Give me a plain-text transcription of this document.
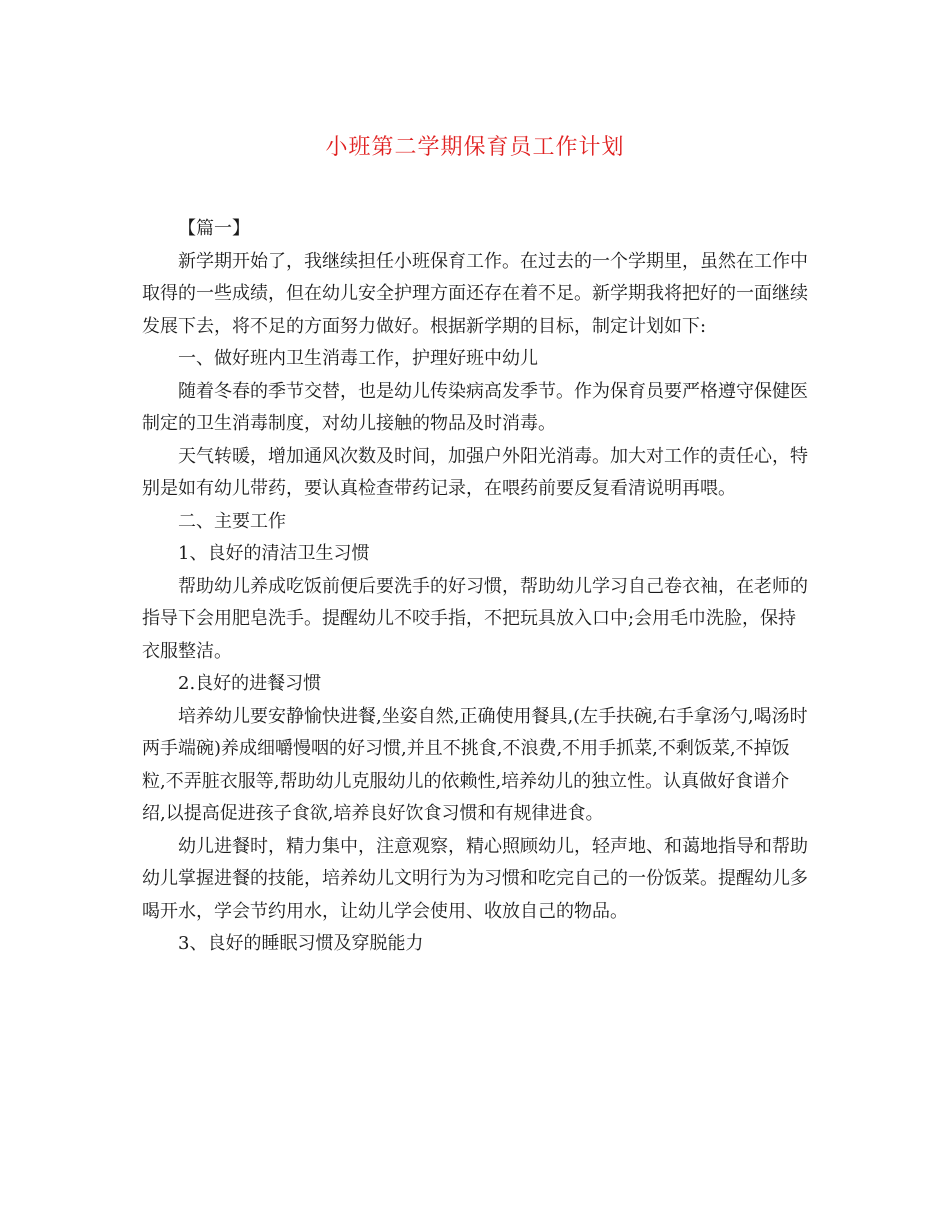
小班第二学期保育员工作计划

【篇一】

新学期开始了，我继续担任小班保育工作。在过去的一个学期里，虽然在工作中取得的一些成绩，但在幼儿安全护理方面还存在着不足。新学期我将把好的一面继续发展下去，将不足的方面努力做好。根据新学期的目标，制定计划如下:

一、做好班内卫生消毒工作，护理好班中幼儿

随着冬春的季节交替，也是幼儿传染病高发季节。作为保育员要严格遵守保健医制定的卫生消毒制度，对幼儿接触的物品及时消毒。

天气转暖，增加通风次数及时间，加强户外阳光消毒。加大对工作的责任心，特别是如有幼儿带药，要认真检查带药记录，在喂药前要反复看清说明再喂。

二、主要工作

1、良好的清洁卫生习惯

帮助幼儿养成吃饭前便后要洗手的好习惯，帮助幼儿学习自己卷衣袖，在老师的指导下会用肥皂洗手。提醒幼儿不咬手指，不把玩具放入口中;会用毛巾洗脸，保持衣服整洁。

2.良好的进餐习惯

培养幼儿要安静愉快进餐,坐姿自然,正确使用餐具,(左手扶碗,右手拿汤勺,喝汤时两手端碗)养成细嚼慢咽的好习惯,并且不挑食,不浪费,不用手抓菜,不剩饭菜,不掉饭粒,不弄脏衣服等,帮助幼儿克服幼儿的依赖性,培养幼儿的独立性。认真做好食谱介绍,以提高促进孩子食欲,培养良好饮食习惯和有规律进食。

幼儿进餐时，精力集中，注意观察，精心照顾幼儿，轻声地、和蔼地指导和帮助幼儿掌握进餐的技能，培养幼儿文明行为为习惯和吃完自己的一份饭菜。提醒幼儿多喝开水，学会节约用水，让幼儿学会使用、收放自己的物品。

3、良好的睡眠习惯及穿脱能力
